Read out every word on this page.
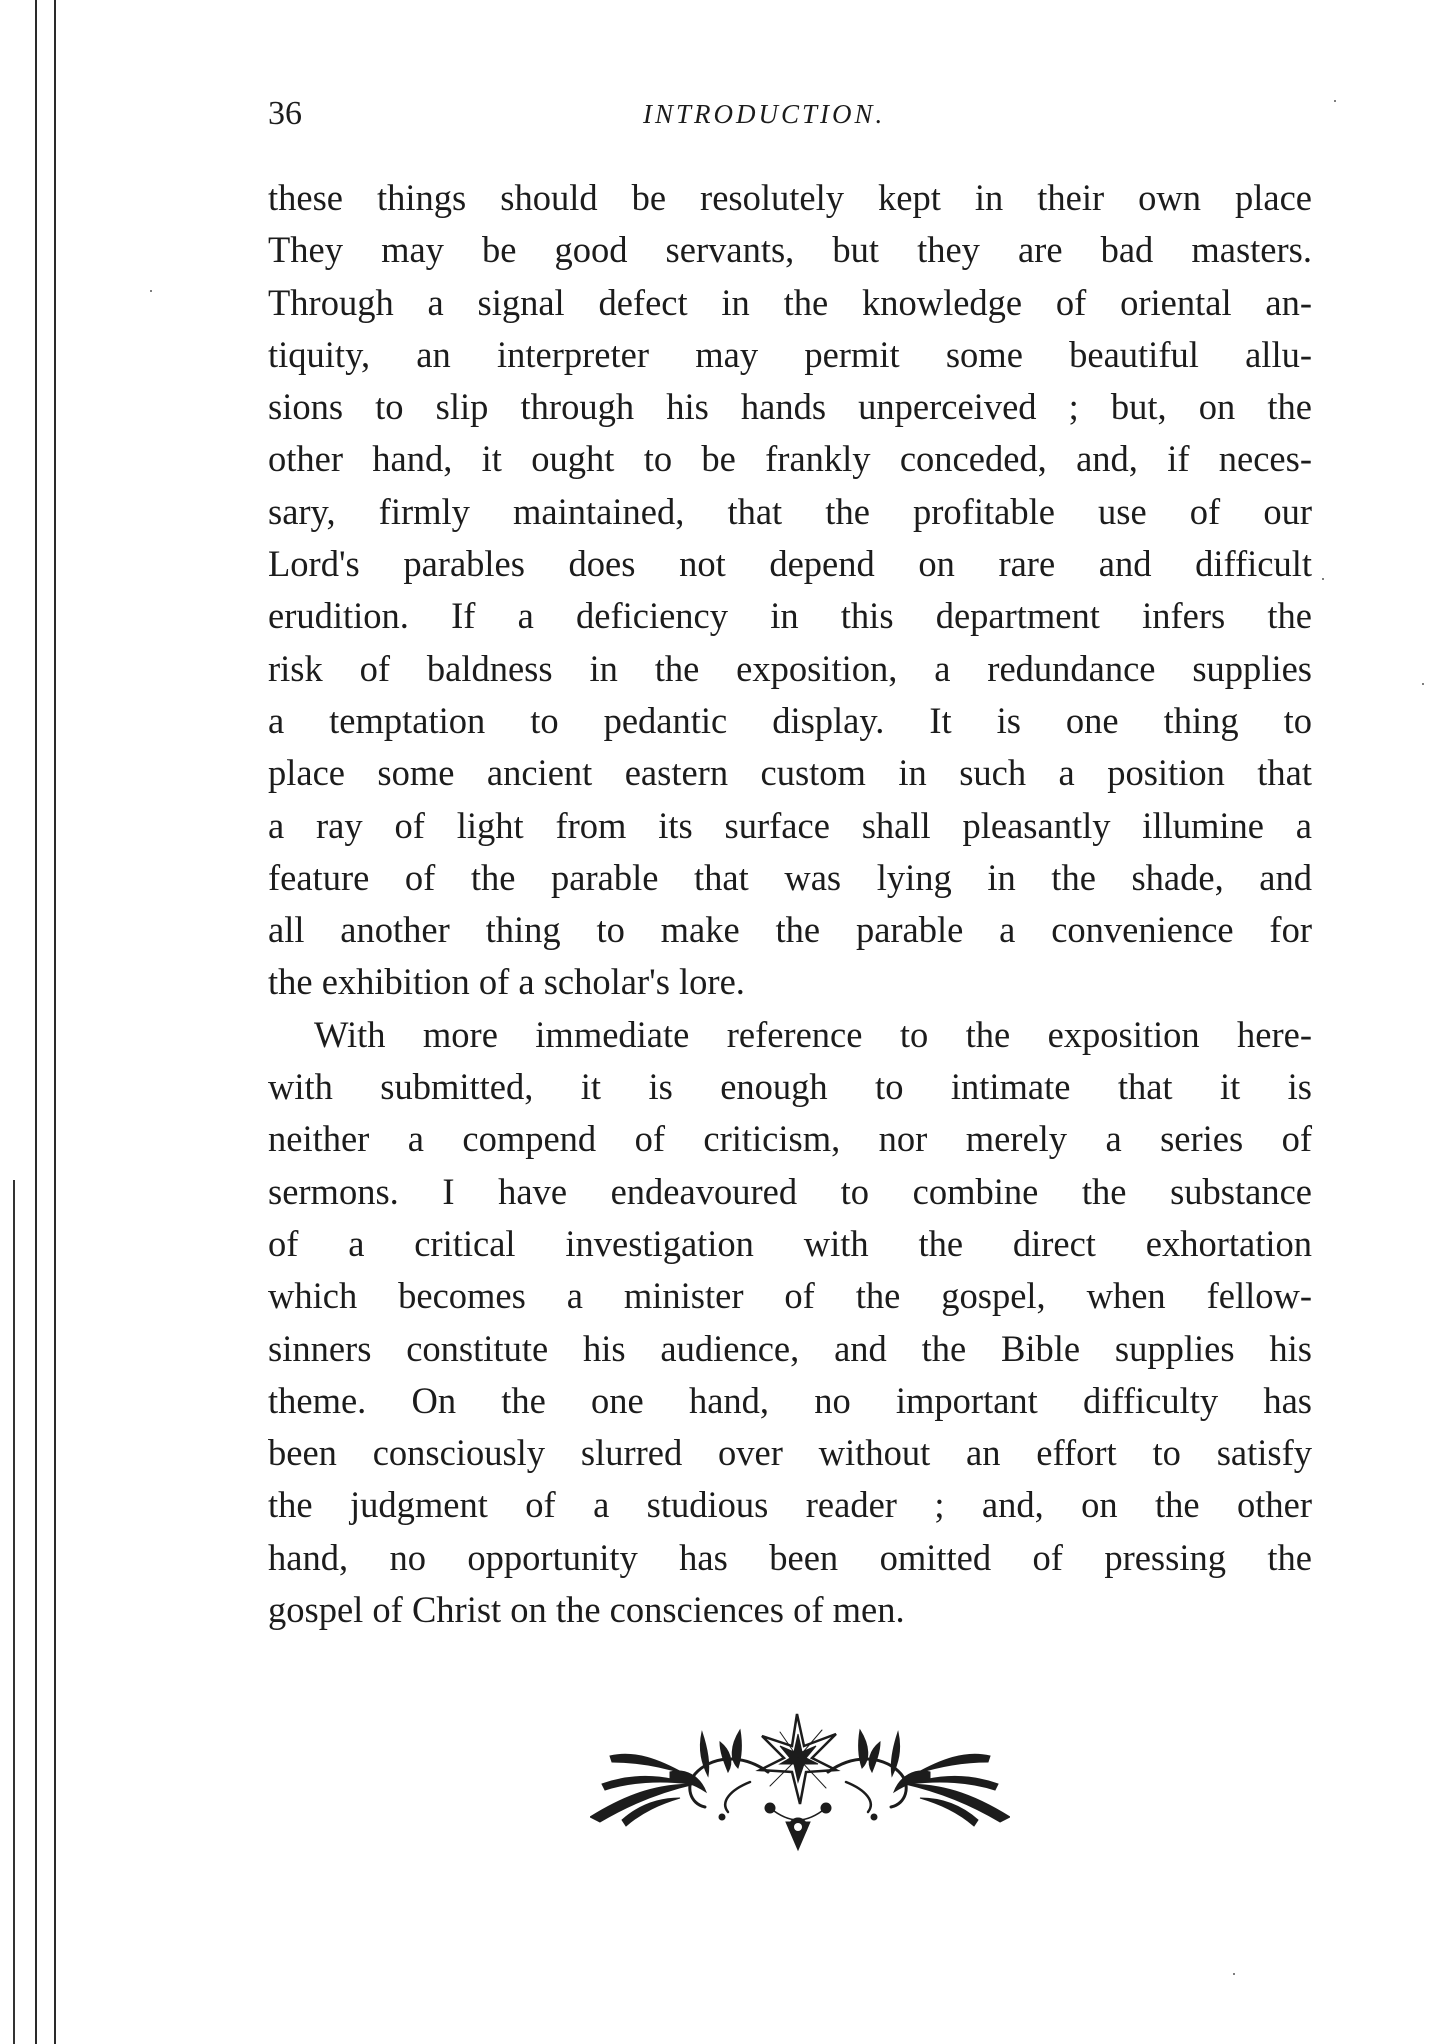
36	INTRODUCTION.
these things should be resolutely kept in their own place
They may be good servants, but they are bad masters.
Through a signal defect in the knowledge of oriental an-
tiquity, an interpreter may permit some beautiful allu-
sions to slip through his hands unperceived ; but, on the
other hand, it ought to be frankly conceded, and, if neces-
sary, firmly maintained, that the profitable use of our
Lord's parables does not depend on rare and difficult
erudition. If a deficiency in this department infers the
risk of baldness in the exposition, a redundance supplies
a temptation to pedantic display. It is one thing to
place some ancient eastern custom in such a position that
a ray of light from its surface shall pleasantly illumine a
feature of the parable that was lying in the shade, and
all another thing to make the parable a convenience for
the exhibition of a scholar's lore.
With more immediate reference to the exposition here-
with submitted, it is enough to intimate that it is
neither a compend of criticism, nor merely a series of
sermons. I have endeavoured to combine the substance
of a critical investigation with the direct exhortation
which becomes a minister of the gospel, when fellow-
sinners constitute his audience, and the Bible supplies his
theme. On the one hand, no important difficulty has
been consciously slurred over without an effort to satisfy
the judgment of a studious reader ; and, on the other
hand, no opportunity has been omitted of pressing the
gospel of Christ on the consciences of men.
